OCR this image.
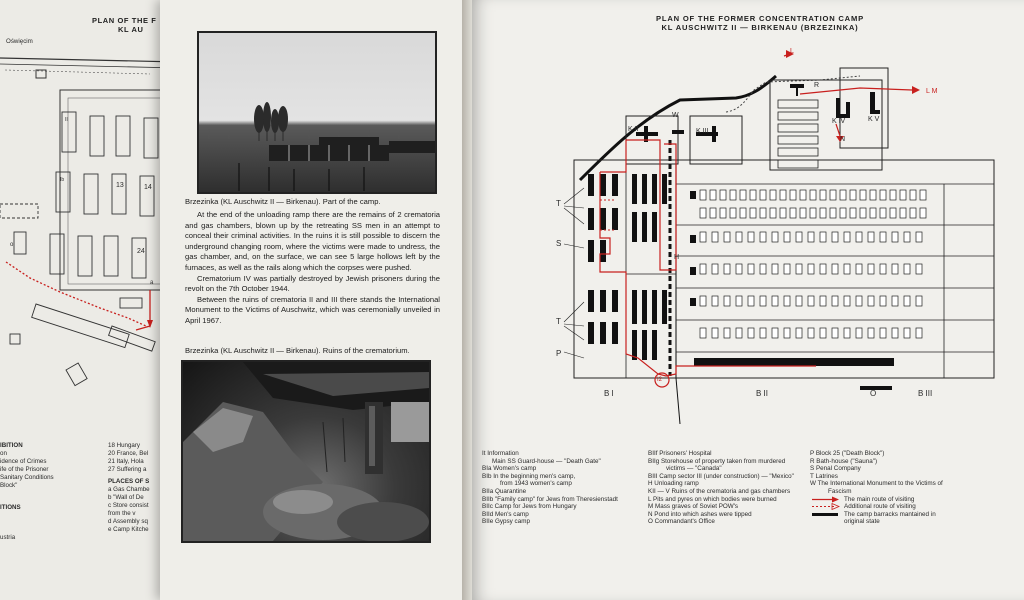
PLAN OF THE F
KL AU
o
II
Ib
a
Oświęcim
13	14
24
IBITION
on
idence of Crimes
ife of the Prisoner
Sanitary Conditions
Block"
ITIONS
ustria
18 Hungary
20 France, Bel
21 Italy, Hola
27 Suffering a
PLACES OF S
a Gas Chambe
b "Wall of De
c Store consist
from the v
d Assembly sq
e Camp Kitche
Brzezinka (KL Auschwitz II — Birkenau). Part of the camp.

At the end of the unloading ramp there are the remains of 2 crematoria and gas chambers, blown up by the retreating SS men in an attempt to conceal their criminal activities. In the ruins it is still possible to discern the underground changing room, where the victims were made to undress, the gas chamber, and, on the surface, we can see 5 large hollows left by the furnaces, as well as the rails along which the corpses were pushed.

Crematorium IV was partially destroyed by Jewish prisoners during the revolt on the 7th October 1944.

Between the ruins of crematoria II and III there stands the International Monument to the Victims of Auschwitz, which was ceremonially unveiled in April 1967.

Brzezinka (KL Auschwitz II — Birkenau). Ruins of the crematorium.
PLAN OF THE FORMER CONCENTRATION CAMP
KL AUSCHWITZ II — BIRKENAU (BRZEZINKA)
L
R
L M
K II
W
K III
K IV	K V
N
T
S
T
P
H
I2
B I	B II	O	B III
It Information
Main SS Guard-house — "Death Gate"
BIa Women's camp
BIb In the beginning men's camp,
from 1943 women's camp
BIIa Quarantine
BIIb "Family camp" for Jews from Theresienstadt
BIIc Camp for Jews from Hungary
BIId Men's camp
BIIe Gypsy camp
BIIf Prisoners' Hospital
BIIg Storehouse of property taken from murdered
victims — "Canada"
BIII Camp sector III (under construction) — "Mexico"
H Unloading ramp
KII — V Ruins of the crematoria and gas chambers
L Pits and pyres on which bodies were burned
M Mass graves of Soviet POW's
N Pond into which ashes were tipped
O Commandant's Office
P Block 25 ("Death Block")
R Bath-house ("Sauna")
S Penal Company
T Latrines
W The International Monument to the Victims of
Fascism
The main route of visiting
Additional route of visiting
The camp barracks mantained in
original state
